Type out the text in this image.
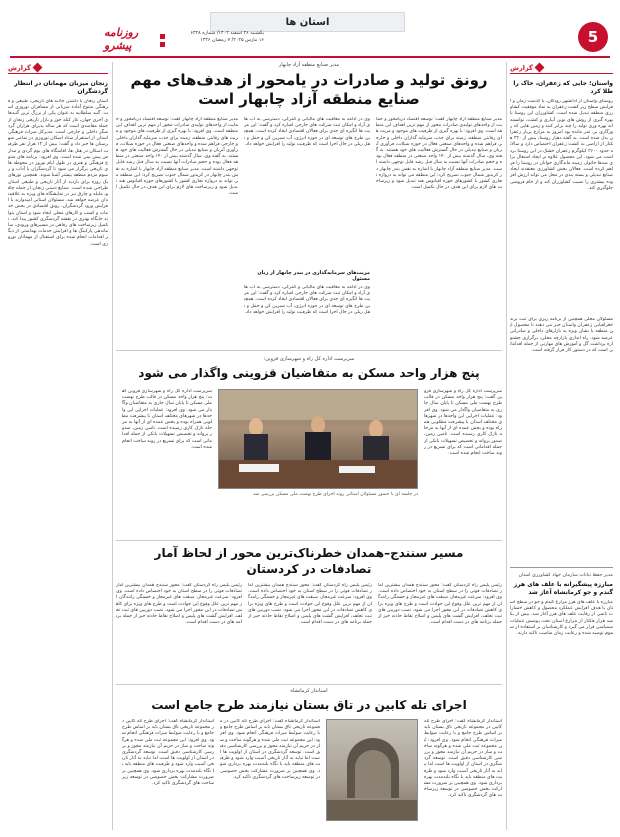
استان ها
5
روزنامه پیشرو
یکشنبه ۲۶ اسفند ۱۴۰۲/ شماره ۶۳۲۸
۱۶ مارس ۲۰۲۵/ ۷ رمضان ۱۴۴۶
گزارش
واسنان؛ جایی که زعفران، خاک را طلا کرد
روستای واسنان از ادانشهر رودکان، با گذشت زمان و افزایش سطح زیر کشت زعفران به نماد موفقیت کشاورزی منطقه تبدیل شده است. کشاورزان این روستا با بهره گیری از روش های نوین آبیاری و کشت، توانسته اند بهره وری تولید را چند برابر کنند و زمین هایی که روزگاری بی ثمر مانده بود امروز به مزارع پربار زعفران بدل شده است. به گفته دهیار روستا، بیش از ۲۲۰ هکتار از اراضی به کشت زعفران اختصاص دارد و سالانه حدود ۲۶۰۰ کیلوگرم زعفران خشک در این روستا برداشت می شود. این محصول علاوه بر ایجاد اشتغال برای صدها خانوار، زمینه ماندگاری جوانان در روستا را فراهم کرده است. فعالان بخش کشاورزی معتقدند ایجاد صنایع تبدیلی و بسته بندی در محل می تواند ارزش افزوده بیشتری را نصیب کشاورزان کند و از خام فروشی جلوگیری کند.
مسئولان محلی همچنین از برنامه ریزی برای ثبت برند جغرافیایی زعفران واسنان خبر می دهند تا محصول این منطقه با نشان ویژه به بازارهای داخلی و صادراتی عرضه شود. راه اندازی بازارچه محلی، برگزاری جشنواره برداشت گل و آموزش های مهارتی از جمله اقداماتی است که در دستور کار قرار گرفته است.
مدیر حفظ نباتات سازمان جهاد کشاورزی استان
مبارزه پیشگیرانه با علف های هرز گندم و جو کرمانشاه آغاز شد
مبارزه با علف های هرز مزارع گندم و جو در سطح استان با هدف افزایش عملکرد محصول و کاهش خسارات ناشی از رقابت علف های هرز آغاز شد. بیش از یکصد هزار هکتار از مزارع استان تحت پوشش عملیات سمپاشی قرار می گیرد و کارشناسان بر استفاده از سموم توصیه شده و رعایت زمان مناسب تاکید دارند.
گزارش
زنجان میزبان مهمانان در انتظار گردشگران
استان زنجان با داشتن جاذبه های تاریخی، طبیعی و فرهنگی متنوع آماده میزبانی از مسافران نوروزی است. گنبد سلطانیه به عنوان یکی از بزرگ ترین گنبدهای آجری جهان، غار کتله خور و بازار تاریخی زنجان از جمله مقاصدی است که هر ساله پذیرای هزاران گردشگر داخلی و خارجی است. مدیرکل میراث فرهنگی استان از استقرار ستاد اسکان نوروزی در تمامی شهرستان ها خبر داد و گفت: بیش از ۱۲ هزار نفر ظرفیت اسکان در هتل ها، اقامتگاه های بوم گردی و مدارس پیش بینی شده است. وی افزود: برنامه های متنوع فرهنگی و هنری در طول ایام نوروز در محوطه های تاریخی برگزار می شود تا گردشگران با آداب و رسوم مردم منطقه بیشتر آشنا شوند. همچنین تورهای یک روزه برای بازدید از آثار تاریخی و طبیعی استان طراحی شده است. صنایع دستی زنجان از جمله چاقو، ملیله و چارق نیز در نمایشگاه های ویژه به علاقمندان عرضه خواهد شد. مسئولان استانی امیدوارند با افزایش ورود گردشگران، رونق اقتصادی در بخش خدمات و کسب و کارهای محلی ایجاد شود و استان بتواند جایگاه بهتری در نقشه گردشگری کشور پیدا کند. تکمیل زیرساخت های رفاهی در مسیرهای ورودی، ساماندهی پارکینگ ها و افزایش خدمات بهداشتی از دیگر اقدامات انجام شده برای استقبال از مهمانان نوروزی است.
مدیر صنایع منطقه آزاد چابهار
رونق تولید و صادرات در یامحور از هدف‌های مهم
صنایع منطقه آزاد چابهار است
مدیر صنایع منطقه آزاد چابهار گفت: توسعه اقتصاد دریامحور و حمایت از واحدهای تولیدی صادرات محور از مهم ترین اهداف این منطقه است. وی افزود: با بهره گیری از ظرفیت های موجود و مزیت های رقابتی منطقه، زمینه برای جذب سرمایه گذاران داخلی و خارجی فراهم شده و واحدهای صنعتی فعال در حوزه شیلات، فرآوری آبزیان و صنایع تبدیلی در حال گسترش فعالیت های خود هستند. به گفته وی، سال گذشته بیش از ۱۴۰ واحد صنعتی در منطقه فعال بوده و حجم صادرات آنها نسبت به سال قبل رشد قابل توجهی داشته است. مدیر صنایع منطقه آزاد چابهار با اشاره به نقش بندر چابهار در کریدور شمال جنوب تصریح کرد: این منطقه می تواند به دروازه تجاری کشور با کشورهای حوزه اقیانوس هند تبدیل شود و زیرساخت های لازم برای این هدف در حال تکمیل است.
وی در ادامه به معافیت های مالیاتی و گمرکی، دسترسی به آب های آزاد و امکان ثبت شرکت های خارجی اشاره کرد و گفت: این مزیت ها انگیزه ای جدی برای فعالان اقتصادی ایجاد کرده است. همچنین طرح های توسعه ای در حوزه انرژی، آب شیرین کن و حمل و نقل ریلی در حال اجرا است که ظرفیت تولید را افزایش خواهد داد.
مزیت‌های سرمایه‌گذاری در بندر چابهار از زبان مسئول
وی در ادامه به معافیت های مالیاتی و گمرکی، دسترسی به آب های آزاد و امکان ثبت شرکت های خارجی اشاره کرد و گفت: این مزیت ها انگیزه ای جدی برای فعالان اقتصادی ایجاد کرده است. همچنین طرح های توسعه ای در حوزه انرژی، آب شیرین کن و حمل و نقل ریلی در حال اجرا است که ظرفیت تولید را افزایش خواهد داد.
مدیر صنایع منطقه آزاد چابهار گفت: توسعه اقتصاد دریامحور و حمایت از واحدهای تولیدی صادرات محور از مهم ترین اهداف این منطقه است. وی افزود: با بهره گیری از ظرفیت های موجود و مزیت های رقابتی منطقه، زمینه برای جذب سرمایه گذاران داخلی و خارجی فراهم شده و واحدهای صنعتی فعال در حوزه شیلات، فرآوری آبزیان و صنایع تبدیلی در حال گسترش فعالیت های خود هستند. به گفته وی، سال گذشته بیش از ۱۴۰ واحد صنعتی در منطقه فعال بوده و حجم صادرات آنها نسبت به سال قبل رشد قابل توجهی داشته است. مدیر صنایع منطقه آزاد چابهار با اشاره به نقش بندر چابهار در کریدور شمال جنوب تصریح کرد: این منطقه می تواند به دروازه تجاری کشور با کشورهای حوزه اقیانوس هند تبدیل شود و زیرساخت های لازم برای این هدف در حال تکمیل است.
سرپرست اداره کل راه و شهرسازی قزوین:
پنج هزار واحد مسکن به متقاضیان قزوینی واگذار می شود
سرپرست اداره کل راه و شهرسازی قزوین گفت: پنج هزار واحد مسکن در قالب طرح نهضت ملی مسکن تا پایان سال جاری به متقاضیان واگذار می شود. وی افزود: عملیات اجرایی این واحدها در شهرهای مختلف استان با پیشرفت مطلوبی همراه بوده و بخش عمده ای از آنها به مرحله نازک کاری رسیده است. تامین زمین، صدور پروانه و تخصیص تسهیلات بانکی از جمله اقداماتی است که برای تسریع در روند ساخت انجام شده است.
در جلسه ای با حضور مسئولان استانی روند اجرای طرح نهضت ملی مسکن بررسی شد
سرپرست اداره کل راه و شهرسازی قزوین گفت: پنج هزار واحد مسکن در قالب طرح نهضت ملی مسکن تا پایان سال جاری به متقاضیان واگذار می شود. وی افزود: عملیات اجرایی این واحدها در شهرهای مختلف استان با پیشرفت مطلوبی همراه بوده و بخش عمده ای از آنها به مرحله نازک کاری رسیده است. تامین زمین، صدور پروانه و تخصیص تسهیلات بانکی از جمله اقداماتی است که برای تسریع در روند ساخت انجام شده است.
مسیر سنندج–همدان خطرناک‌ترین محور از لحاظ آمار
تصادفات در کردستان
رئیس پلیس راه کردستان گفت: محور سنندج همدان بیشترین آمار تصادفات فوتی را در سطح استان به خود اختصاص داده است. وی افزود: سرعت غیرمجاز، سبقت های غیرمجاز و خستگی رانندگان از مهم ترین علل وقوع این حوادث است و طرح های ویژه برای کاهش تصادفات در این محور اجرا می شود. نصب دوربین های ثبت تخلف، افزایش گشت های پلیس و اصلاح نقاط حادثه خیز از جمله برنامه های در دست اقدام است.
رئیس پلیس راه کردستان گفت: محور سنندج همدان بیشترین آمار تصادفات فوتی را در سطح استان به خود اختصاص داده است. وی افزود: سرعت غیرمجاز، سبقت های غیرمجاز و خستگی رانندگان از مهم ترین علل وقوع این حوادث است و طرح های ویژه برای کاهش تصادفات در این محور اجرا می شود. نصب دوربین های ثبت تخلف، افزایش گشت های پلیس و اصلاح نقاط حادثه خیز از جمله برنامه های در دست اقدام است.
رئیس پلیس راه کردستان گفت: محور سنندج همدان بیشترین آمار تصادفات فوتی را در سطح استان به خود اختصاص داده است. وی افزود: سرعت غیرمجاز، سبقت های غیرمجاز و خستگی رانندگان از مهم ترین علل وقوع این حوادث است و طرح های ویژه برای کاهش تصادفات در این محور اجرا می شود. نصب دوربین های ثبت تخلف، افزایش گشت های پلیس و اصلاح نقاط حادثه خیز از جمله برنامه های در دست اقدام است.
استاندار کرمانشاه
اجرای تله کابین در تاق بستان نیازمند طرح جامع است
استاندار کرمانشاه گفت: اجرای طرح تله کابین در مجموعه تاریخی تاق بستان باید بر اساس طرح جامع و با رعایت ضوابط میراث فرهنگی انجام شود. وی افزود: این مجموعه ثبت ملی شده و هرگونه ساخت و ساز در حریم آن نیازمند مجوز و بررسی کارشناسی دقیق است. توسعه گردشگری در استان از اولویت ها است اما نباید به آثار تاریخی آسیب وارد شود و ظرفیت های منطقه باید با نگاه بلندمدت بهره برداری شود. وی همچنین بر ضرورت مشارکت بخش خصوصی در توسعه زیرساخت های گردشگری تاکید کرد.
استاندار کرمانشاه گفت: اجرای طرح تله کابین در مجموعه تاریخی تاق بستان باید بر اساس طرح جامع و با رعایت ضوابط میراث فرهنگی انجام شود. وی افزود: این مجموعه ثبت ملی شده و هرگونه ساخت و ساز در حریم آن نیازمند مجوز و بررسی کارشناسی دقیق است. توسعه گردشگری در استان از اولویت ها است اما نباید به آثار تاریخی آسیب وارد شود و ظرفیت های منطقه باید با نگاه بلندمدت بهره برداری شود. وی همچنین بر ضرورت مشارکت بخش خصوصی در توسعه زیرساخت های گردشگری تاکید کرد.
استاندار کرمانشاه گفت: اجرای طرح تله کابین در مجموعه تاریخی تاق بستان باید بر اساس طرح جامع و با رعایت ضوابط میراث فرهنگی انجام شود. وی افزود: این مجموعه ثبت ملی شده و هرگونه ساخت و ساز در حریم آن نیازمند مجوز و بررسی کارشناسی دقیق است. توسعه گردشگری در استان از اولویت ها است اما نباید به آثار تاریخی آسیب وارد شود و ظرفیت های منطقه باید با نگاه بلندمدت بهره برداری شود. وی همچنین بر ضرورت مشارکت بخش خصوصی در توسعه زیرساخت های گردشگری تاکید کرد.
